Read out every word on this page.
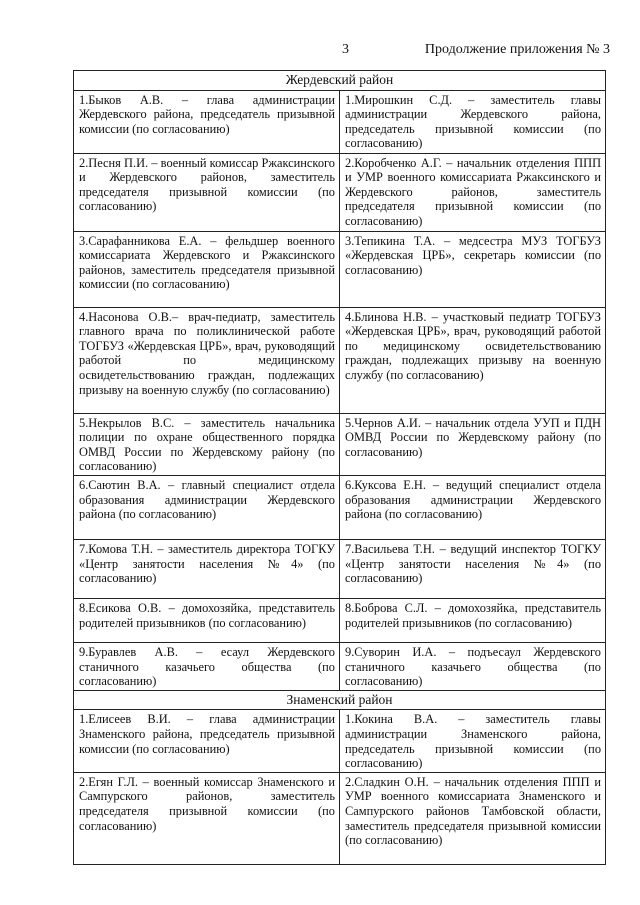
3	Продолжение приложения № 3
Жердевский район	
1.Быков А.В. – глава администрации Жердевского района, председатель призывной комиссии (по согласованию)	1.Мирошкин С.Д. – заместитель главы администрации Жердевского района, председатель призывной комиссии (по согласованию)
2.Песня П.И. – военный комиссар Ржаксинского и Жердевского районов, заместитель председателя призывной комиссии (по согласованию)	2.Коробченко А.Г. – начальник отделения ППП и УМР военного комиссариата Ржаксинского и Жердевского районов, заместитель председателя призывной комиссии (по согласованию)
3.Сарафанникова Е.А. – фельдшер военного комиссариата Жердевского и Ржаксинского районов, заместитель председателя призывной комиссии (по согласованию)	3.Тепикина Т.А. – медсестра МУЗ ТОГБУЗ «Жердевская ЦРБ», секретарь комиссии (по согласованию)
4.Насонова О.В.– врач-педиатр, заместитель главного врача по поликлинической работе ТОГБУЗ «Жердевская ЦРБ», врач, руководящий работой по медицинскому освидетельствованию граждан, подлежащих призыву на военную службу (по согласованию)	4.Блинова Н.В. – участковый педиатр ТОГБУЗ «Жердевская ЦРБ», врач, руководящий работой по медицинскому освидетельствованию граждан, подлежащих призыву на военную службу (по согласованию)
5.Некрылов В.С. – заместитель начальника полиции по охране общественного порядка ОМВД России по Жердевскому району (по согласованию)	5.Чернов А.И. – начальник отдела УУП и ПДН ОМВД России по Жердевскому району (по согласованию)
6.Саютин В.А. – главный специалист отдела образования администрации Жердевского района (по согласованию)	6.Куксова Е.Н. – ведущий специалист отдела образования администрации Жердевского района (по согласованию)
7.Комова Т.Н. – заместитель директора ТОГКУ «Центр занятости населения №4» (по согласованию)	7.Васильева Т.Н. – ведущий инспектор ТОГКУ «Центр занятости населения №4» (по согласованию)
8.Есикова О.В. – домохозяйка, представитель родителей призывников (по согласованию)	8.Боброва С.Л. – домохозяйка, представитель родителей призывников (по согласованию)
9.Буравлев А.В. – есаул Жердевского станичного казачьего общества (по согласованию)	9.Суворин И.А. – подъесаул Жердевского станичного казачьего общества (по согласованию)
Знаменский район	
1.Елисеев В.И. – глава администрации Знаменского района, председатель призывной комиссии (по согласованию)	1.Кокина В.А. – заместитель главы администрации Знаменского района, председатель призывной комиссии (по согласованию)
2.Егян Г.Л. – военный комиссар Знаменского и Сампурского районов, заместитель председателя призывной комиссии (по согласованию)	2.Сладкин О.Н. – начальник отделения ППП и УМР военного комиссариата Знаменского и Сампурского районов Тамбовской области, заместитель председателя призывной комиссии (по согласованию)
